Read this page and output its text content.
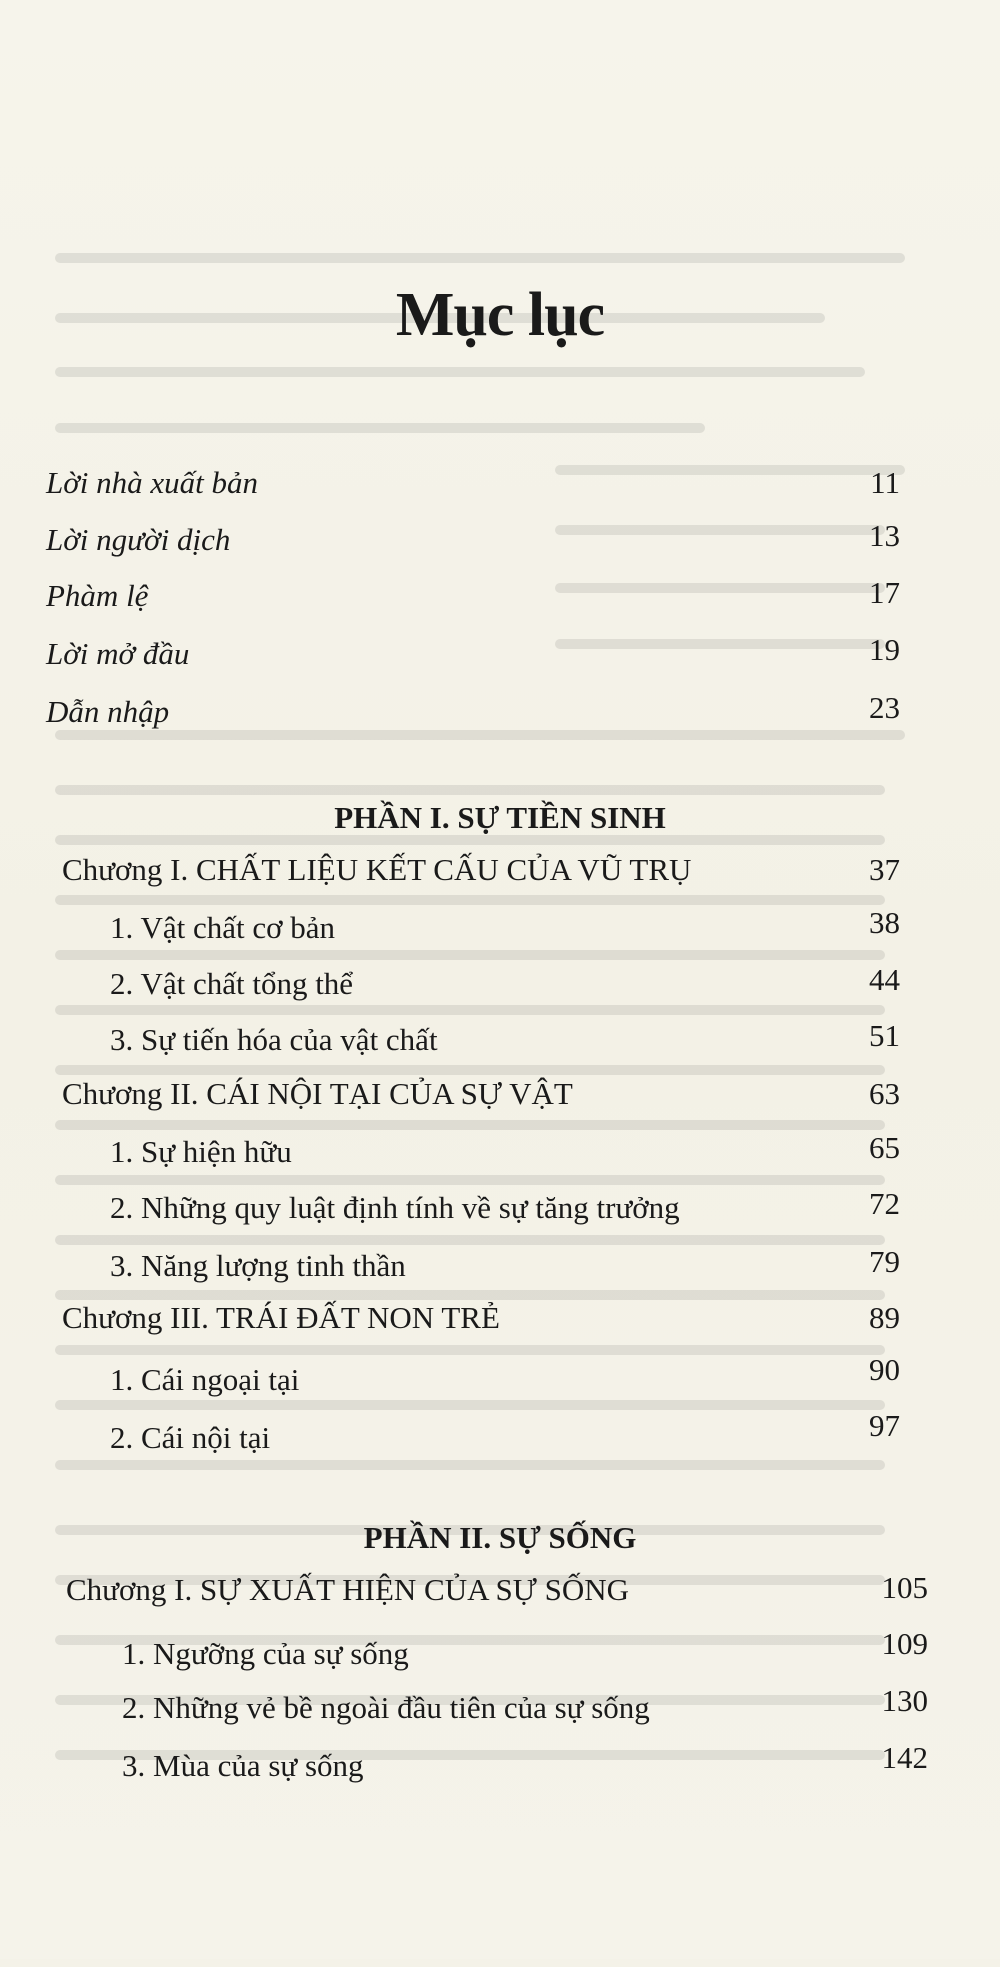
Mục lục
Lời nhà xuất bản	11
Lời người dịch	13
Phàm lệ	17
Lời mở đầu	19
Dẫn nhập	23
PHẦN I. SỰ TIỀN SINH
Chương I. CHẤT LIỆU KẾT CẤU CỦA VŨ TRỤ	37
1. Vật chất cơ bản	38
2. Vật chất tổng thể	44
3. Sự tiến hóa của vật chất	51
Chương II. CÁI NỘI TẠI CỦA SỰ VẬT	63
1. Sự hiện hữu	65
2. Những quy luật định tính về sự tăng trưởng	72
3. Năng lượng tinh thần	79
Chương III. TRÁI ĐẤT NON TRẺ	89
1. Cái ngoại tại	90
2. Cái nội tại	97
PHẦN II. SỰ SỐNG
Chương I. SỰ XUẤT HIỆN CỦA SỰ SỐNG	105
1. Ngưỡng của sự sống	109
2. Những vẻ bề ngoài đầu tiên của sự sống	130
3. Mùa của sự sống	142
